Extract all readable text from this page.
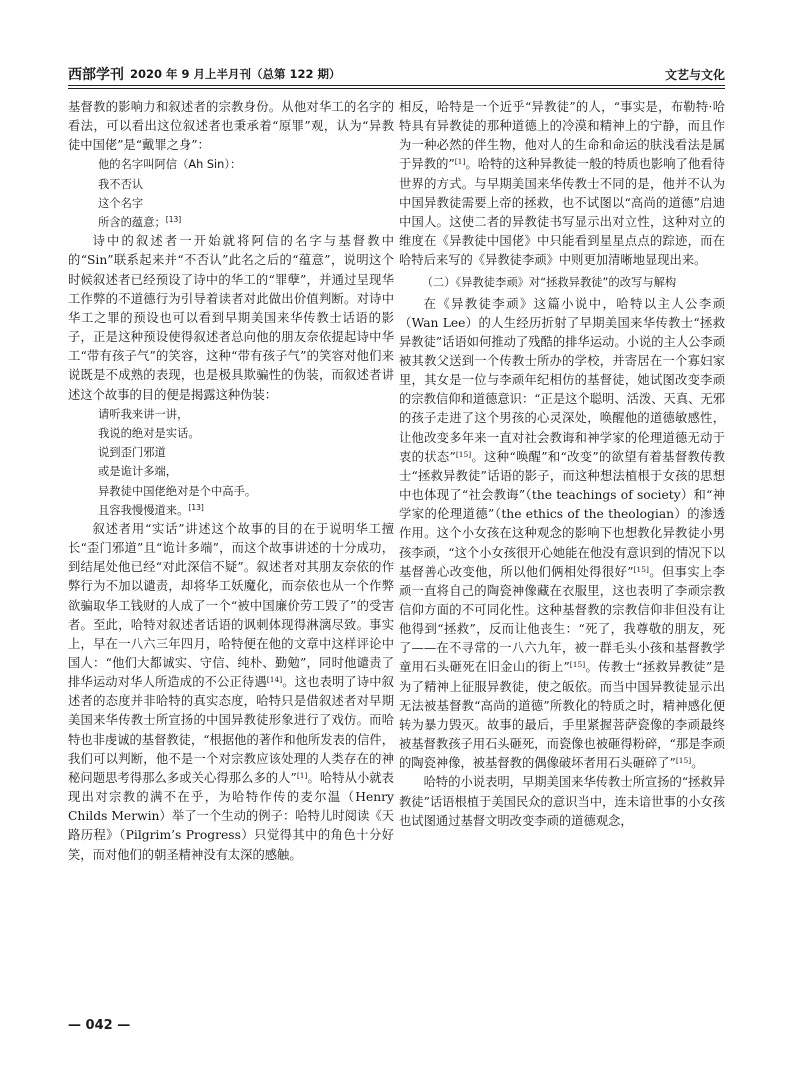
西部学刊 2020 年 9 月上半月刊（总第 122 期）	文艺与文化

基督教的影响力和叙述者的宗教身份。从他对华工的名字的看法，可以看出这位叙述者也秉承着“原罪”观，认为“异教徒中国佬”是“戴罪之身”：

他的名字叫阿信（Ah Sin）：

我不否认

这个名字

所含的蕴意；[13]

诗中的叙述者一开始就将阿信的名字与基督教中的“Sin”联系起来并“不否认”此名之后的“蕴意”，说明这个时候叙述者已经预设了诗中的华工的“罪孽”，并通过呈现华工作弊的不道德行为引导着读者对此做出价值判断。对诗中华工之罪的预设也可以看到早期美国来华传教士话语的影子，正是这种预设使得叙述者总向他的朋友奈依提起诗中华工“带有孩子气”的笑容，这种“带有孩子气”的笑容对他们来说既是不成熟的表现，也是极具欺骗性的伪装，而叙述者讲述这个故事的目的便是揭露这种伪装：

请听我来讲一讲，

我说的绝对是实话。

说到歪门邪道

或是诡计多端，

异教徒中国佬绝对是个中高手。

且容我慢慢道来。[13]

叙述者用“实话”讲述这个故事的目的在于说明华工擅长“歪门邪道”且“诡计多端”，而这个故事讲述的十分成功，到结尾处他已经“对此深信不疑”。叙述者对其朋友奈依的作弊行为不加以谴责，却将华工妖魔化，而奈依也从一个作弊欲骗取华工钱财的人成了一个“被中国廉价劳工毁了”的受害者。至此，哈特对叙述者话语的讽刺体现得淋漓尽致。事实上，早在一八六三年四月，哈特便在他的文章中这样评论中国人：“他们大都诚实、守信、纯朴、勤勉”，同时他谴责了排华运动对华人所造成的不公正待遇[14]。这也表明了诗中叙述者的态度并非哈特的真实态度，哈特只是借叙述者对早期美国来华传教士所宣扬的中国异教徒形象进行了戏仿。而哈特也非虔诚的基督教徒，“根据他的著作和他所发表的信件，我们可以判断，他不是一个对宗教应该处理的人类存在的神秘问题思考得那么多或关心得那么多的人”[1]。哈特从小就表现出对宗教的满不在乎，为哈特作传的麦尔温（Henry Childs Merwin）举了一个生动的例子：哈特儿时阅读《天路历程》（Pilgrim’s Progress）只觉得其中的角色十分好笑，而对他们的朝圣精神没有太深的感触。

相反，哈特是一个近乎“异教徒”的人，“事实是，布勒特·哈特具有异教徒的那种道德上的冷漠和精神上的宁静，而且作为一种必然的伴生物，他对人的生命和命运的肤浅看法是属于异教的”[1]。哈特的这种异教徒一般的特质也影响了他看待世界的方式。与早期美国来华传教士不同的是，他并不认为中国异教徒需要上帝的拯救，也不试图以“高尚的道德”启迪中国人。这使二者的异教徒书写显示出对立性，这种对立的维度在《异教徒中国佬》中只能看到星星点点的踪迹，而在哈特后来写的《异教徒李顽》中则更加清晰地显现出来。

（二）《异教徒李顽》对“拯救异教徒”的改写与解构

在《异教徒李顽》这篇小说中，哈特以主人公李顽（Wan Lee）的人生经历折射了早期美国来华传教士“拯救异教徒”话语如何推动了残酷的排华运动。小说的主人公李顽被其教父送到一个传教士所办的学校，并寄居在一个寡妇家里，其女是一位与李顽年纪相仿的基督徒，她试图改变李顽的宗教信仰和道德意识：“正是这个聪明、活泼、天真、无邪的孩子走进了这个男孩的心灵深处，唤醒他的道德敏感性，让他改变多年来一直对社会教诲和神学家的伦理道德无动于衷的状态”[15]。这种“唤醒”和“改变”的欲望有着基督教传教士“拯救异教徒”话语的影子，而这种想法植根于女孩的思想中也体现了“社会教诲”（the teachings of society）和“神学家的伦理道德”（the ethics of the theologian）的渗透作用。这个小女孩在这种观念的影响下也想教化异教徒小男孩李顽，“这个小女孩很开心她能在他没有意识到的情况下以基督善心改变他，所以他们俩相处得很好”[15]。但事实上李顽一直将自己的陶瓷神像藏在衣服里，这也表明了李顽宗教信仰方面的不可同化性。这种基督教的宗教信仰非但没有让他得到“拯救”，反而让他丧生：“死了，我尊敬的朋友，死了——在不寻常的一八六九年，被一群毛头小孩和基督教学童用石头砸死在旧金山的街上”[15]。传教士“拯救异教徒”是为了精神上征服异教徒，使之皈依。而当中国异教徒显示出无法被基督教“高尚的道德”所教化的特质之时，精神感化便转为暴力毁灭。故事的最后，手里紧握菩萨瓷像的李顽最终被基督教孩子用石头砸死，而瓷像也被砸得粉碎，“那是李顽的陶瓷神像，被基督教的偶像破坏者用石头砸碎了”[15]。

哈特的小说表明，早期美国来华传教士所宣扬的“拯救异教徒”话语根植于美国民众的意识当中，连未谙世事的小女孩也试图通过基督文明改变李顽的道德观念，

— 042 —
